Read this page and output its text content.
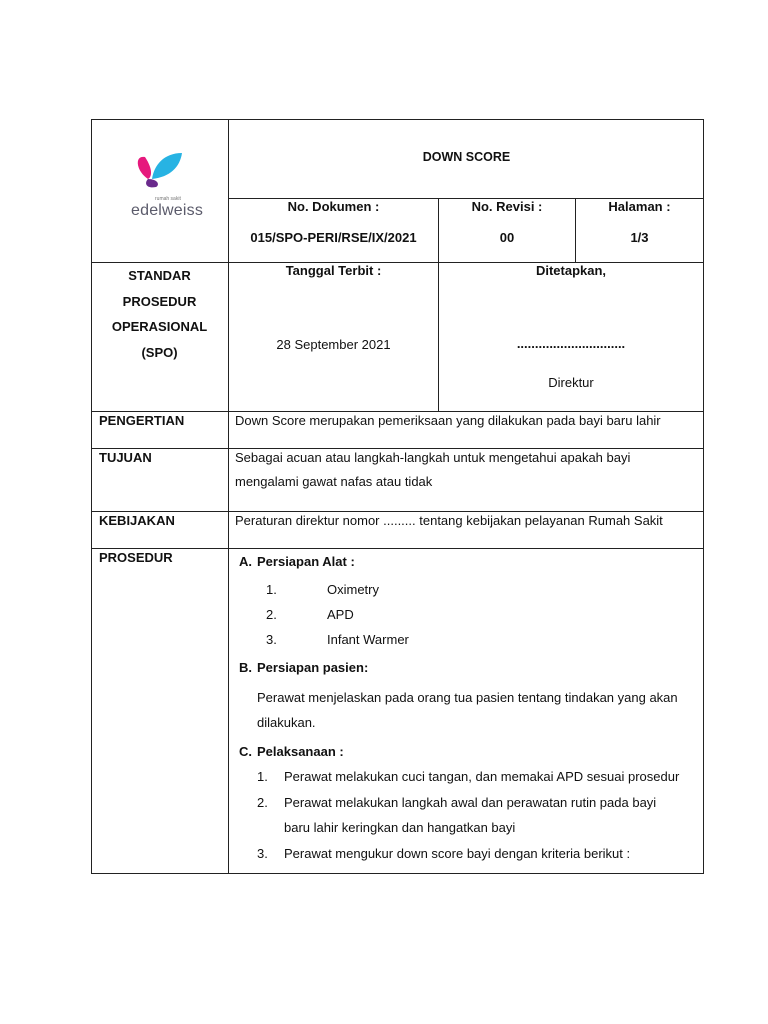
rumah sakit
edelweiss
DOWN SCORE
No. Dokumen :
015/SPO-PERI/RSE/IX/2021
No. Revisi :
00
Halaman :
1/3
STANDAR
PROSEDUR
OPERASIONAL
(SPO)
Tanggal Terbit :
28 September 2021
Ditetapkan,
..............................
Direktur
PENGERTIAN	Down Score merupakan pemeriksaan yang dilakukan pada bayi baru lahir
TUJUAN	Sebagai acuan atau langkah-langkah untuk mengetahui apakah bayi
mengalami gawat nafas atau tidak
KEBIJAKAN	Peraturan direktur nomor ......... tentang kebijakan pelayanan Rumah Sakit
PROSEDUR	A. Persiapan Alat :
1.	Oximetry
2.	APD
3.	Infant Warmer
B. Persiapan pasien:
Perawat menjelaskan pada orang tua pasien tentang tindakan yang akan
dilakukan.
C. Pelaksanaan :
1. Perawat melakukan cuci tangan, dan memakai APD sesuai prosedur
2. Perawat melakukan langkah awal dan perawatan rutin pada bayi
baru lahir keringkan dan hangatkan bayi
3. Perawat mengukur down score bayi dengan kriteria berikut :
